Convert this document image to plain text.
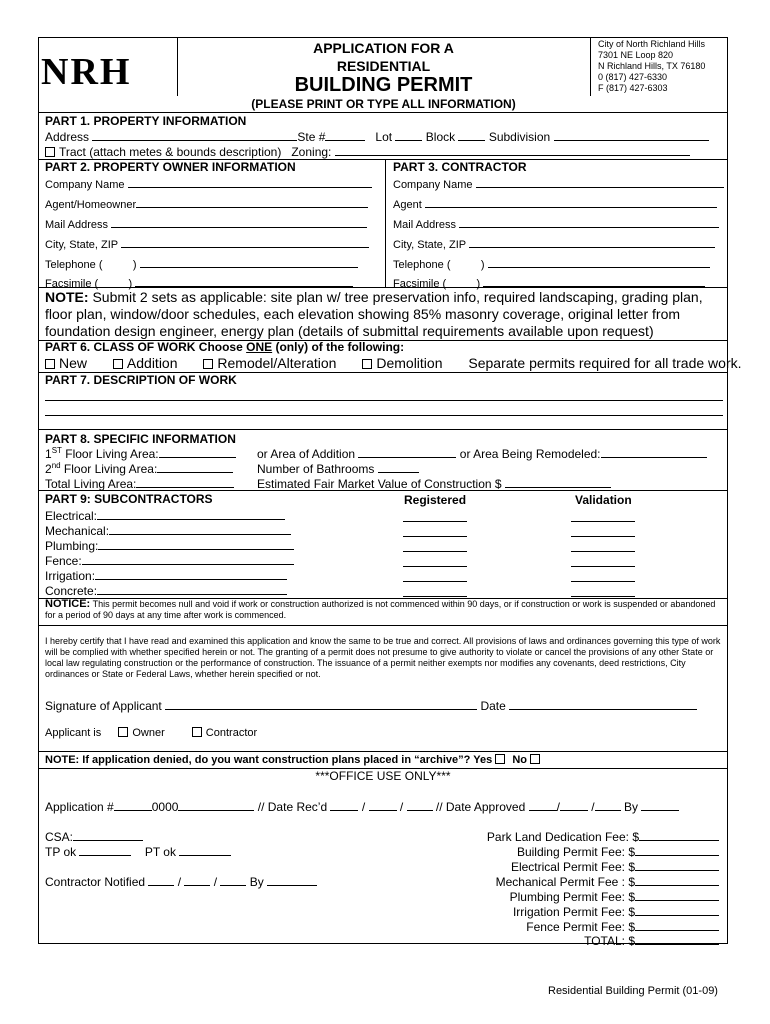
NRH
APPLICATION FOR A
RESIDENTIAL
BUILDING PERMIT
City of North Richland Hills
7301 NE Loop 820
N Richland Hills, TX 76180
0 (817) 427-6330
F (817) 427-6303
(PLEASE PRINT OR TYPE ALL INFORMATION)
PART 1. PROPERTY INFORMATION
Address	Ste #	Lot	Block	Subdivision
Tract (attach metes & bounds description) Zoning:
PART 2. PROPERTY OWNER INFORMATION	PART 3. CONTRACTOR
Company Name
Agent/Homeowner
Mail Address
City, State, ZIP
Telephone (	)
Facsimile (	)
Company Name
Agent
Mail Address
City, State, ZIP
Telephone (	)
Facsimile (	)
NOTE: Submit 2 sets as applicable: site plan w/ tree preservation info, required landscaping, grading plan,
floor plan, window/door schedules, each elevation showing 85% masonry coverage, original letter from
foundation design engineer, energy plan (details of submittal requirements available upon request)
PART 6. CLASS OF WORK Choose ONE (only) of the following:
New	Addition	Remodel/Alteration	Demolition Separate permits required for all trade work.
PART 7. DESCRIPTION OF WORK
PART 8. SPECIFIC INFORMATION
1ST Floor Living Area:
2nd Floor Living Area:
Total Living Area:
or Area of Addition	or Area Being Remodeled:
Number of Bathrooms
Estimated Fair Market Value of Construction $
PART 9: SUBCONTRACTORS	Registered	Validation
Electrical:
Mechanical:
Plumbing:
Fence:
Irrigation:
Concrete:
NOTICE: This permit becomes null and void if work or construction authorized is not commenced within 90 days, or if construction or work is suspended or abandoned for a period of 90 days at any time after work is commenced.
I hereby certify that I have read and examined this application and know the same to be true and correct. All provisions of laws and ordinances governing this type of work will be complied with whether specified herein or not. The granting of a permit does not presume to give authority to violate or cancel the provisions of any other State or local law regulating construction or the performance of construction. The issuance of a permit neither exempts nor modifies any covenants, deed restrictions, City ordinances or State or Federal Laws, whether herein specified or not.
Signature of Applicant	Date
Applicant is	Owner	Contractor
NOTE: If application denied, do you want construction plans placed in “archive”? Yes No
***OFFICE USE ONLY***
Application #	0000	// Date Rec’d	/  /  // Date Approved	/ / By
CSA:
TP ok	PT ok
Contractor Notified  /  /  By
Park Land Dedication Fee: $
Building Permit Fee: $
Electrical Permit Fee: $
Mechanical Permit Fee : $
Plumbing Permit Fee: $
Irrigation Permit Fee: $
Fence Permit Fee: $
TOTAL: $
Residential Building Permit (01-09)
